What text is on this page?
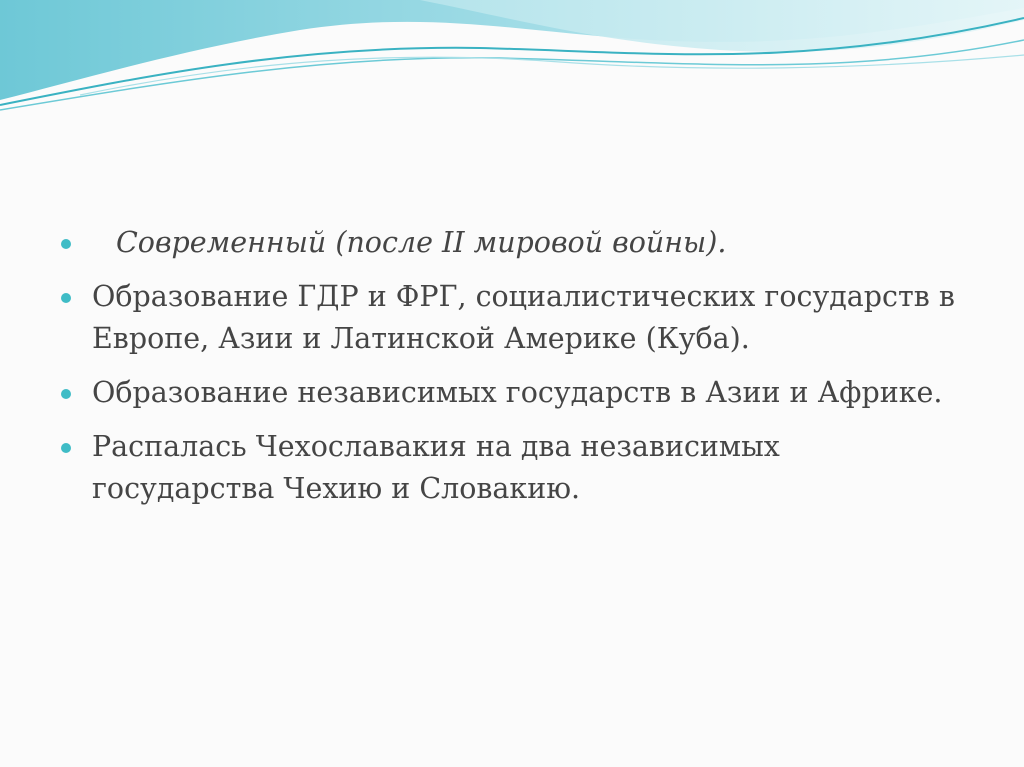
Современный (после II мировой войны).
Образование ГДР и ФРГ, социалистических государств в Европе, Азии и Латинской Америке (Куба).
Образование независимых государств в Азии и Африке.
Распалась Чехославакия на два независимых государства Чехию и Словакию.
